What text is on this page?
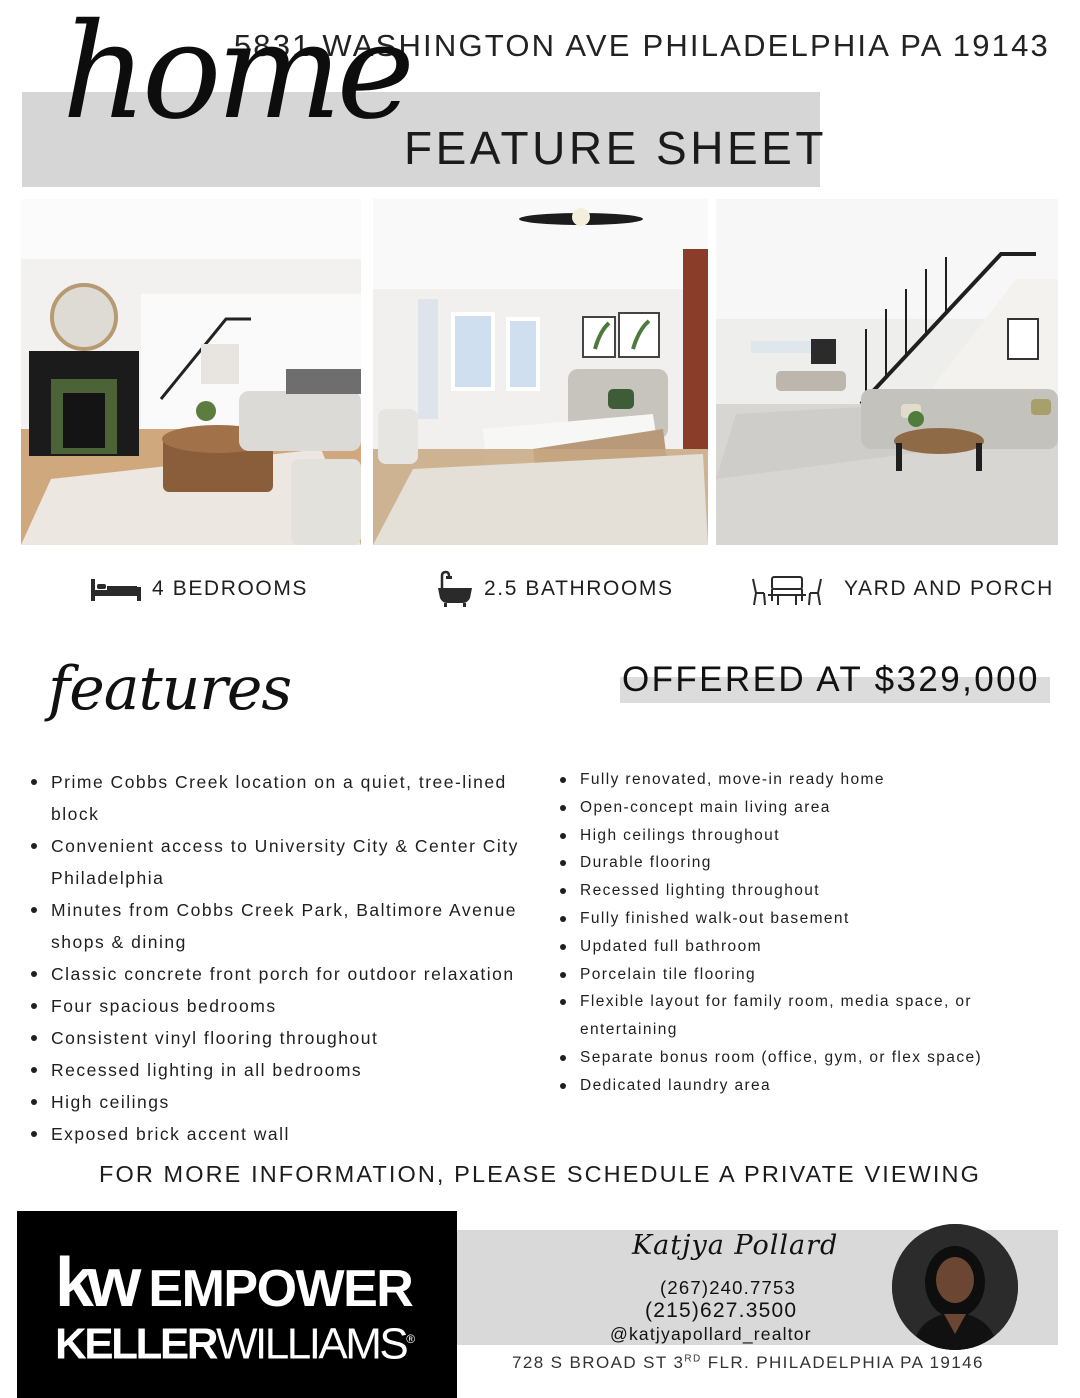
5831 WASHINGTON AVE PHILADELPHIA PA 19143
home
FEATURE SHEET
4 BEDROOMS	2.5 BATHROOMS	YARD AND PORCH
features	OFFERED AT $329,000
Prime Cobbs Creek location on a quiet, tree-lined block
Convenient access to University City & Center City Philadelphia
Minutes from Cobbs Creek Park, Baltimore Avenue shops & dining
Classic concrete front porch for outdoor relaxation
Four spacious bedrooms
Consistent vinyl flooring throughout
Recessed lighting in all bedrooms
High ceilings
Exposed brick accent wall
Fully renovated, move-in ready home
Open-concept main living area
High ceilings throughout
Durable flooring
Recessed lighting throughout
Fully finished walk-out basement
Updated full bathroom
Porcelain tile flooring
Flexible layout for family room, media space, or entertaining
Separate bonus room (office, gym, or flex space)
Dedicated laundry area
FOR MORE INFORMATION, PLEASE SCHEDULE A PRIVATE VIEWING
kw EMPOWER
KELLERWILLIAMS®
Katjya Pollard
(267)240.7753
(215)627.3500
@katjyapollard_realtor
728 S BROAD ST 3RD FLR. PHILADELPHIA PA 19146
